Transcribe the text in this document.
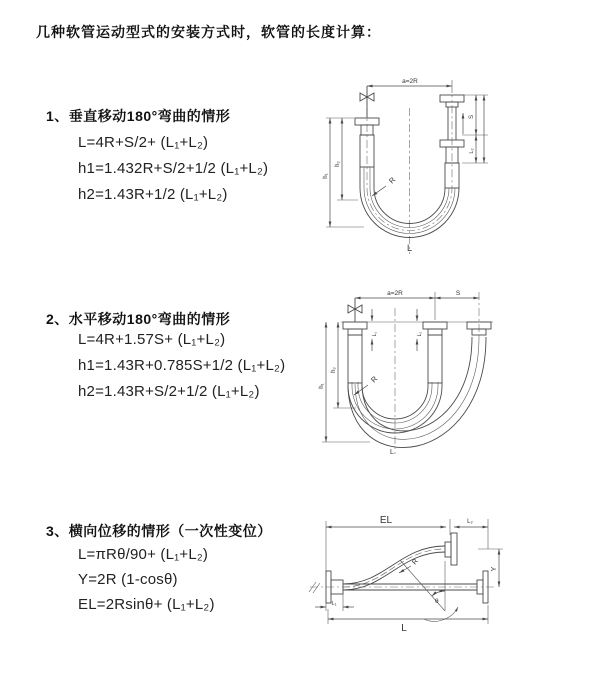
几种软管运动型式的安装方式时，软管的长度计算：
1、垂直移动180°弯曲的情形
L=4R+S/2+ (L₁+L₂)
h1=1.432R+S/2+1/2 (L₁+L₂)
h2=1.43R+1/2 (L₁+L₂)
2、水平移动180°弯曲的情形
L=4R+1.57S+ (L₁+L₂)
h1=1.43R+0.785S+1/2 (L₁+L₂)
h2=1.43R+S/2+1/2 (L₁+L₂)
3、横向位移的情形（一次性变位）
L=πRθ/90+ (L₁+L₂)
Y=2R (1-cosθ)
EL=2Rsinθ+ (L₁+L₂)
a=2R
h₁
h₂
S
L₂
R
L
a=2R	S
L₁	L₂
h₁
h₂
R
L
EL	L₂
Y
θ
R
L₁
L
